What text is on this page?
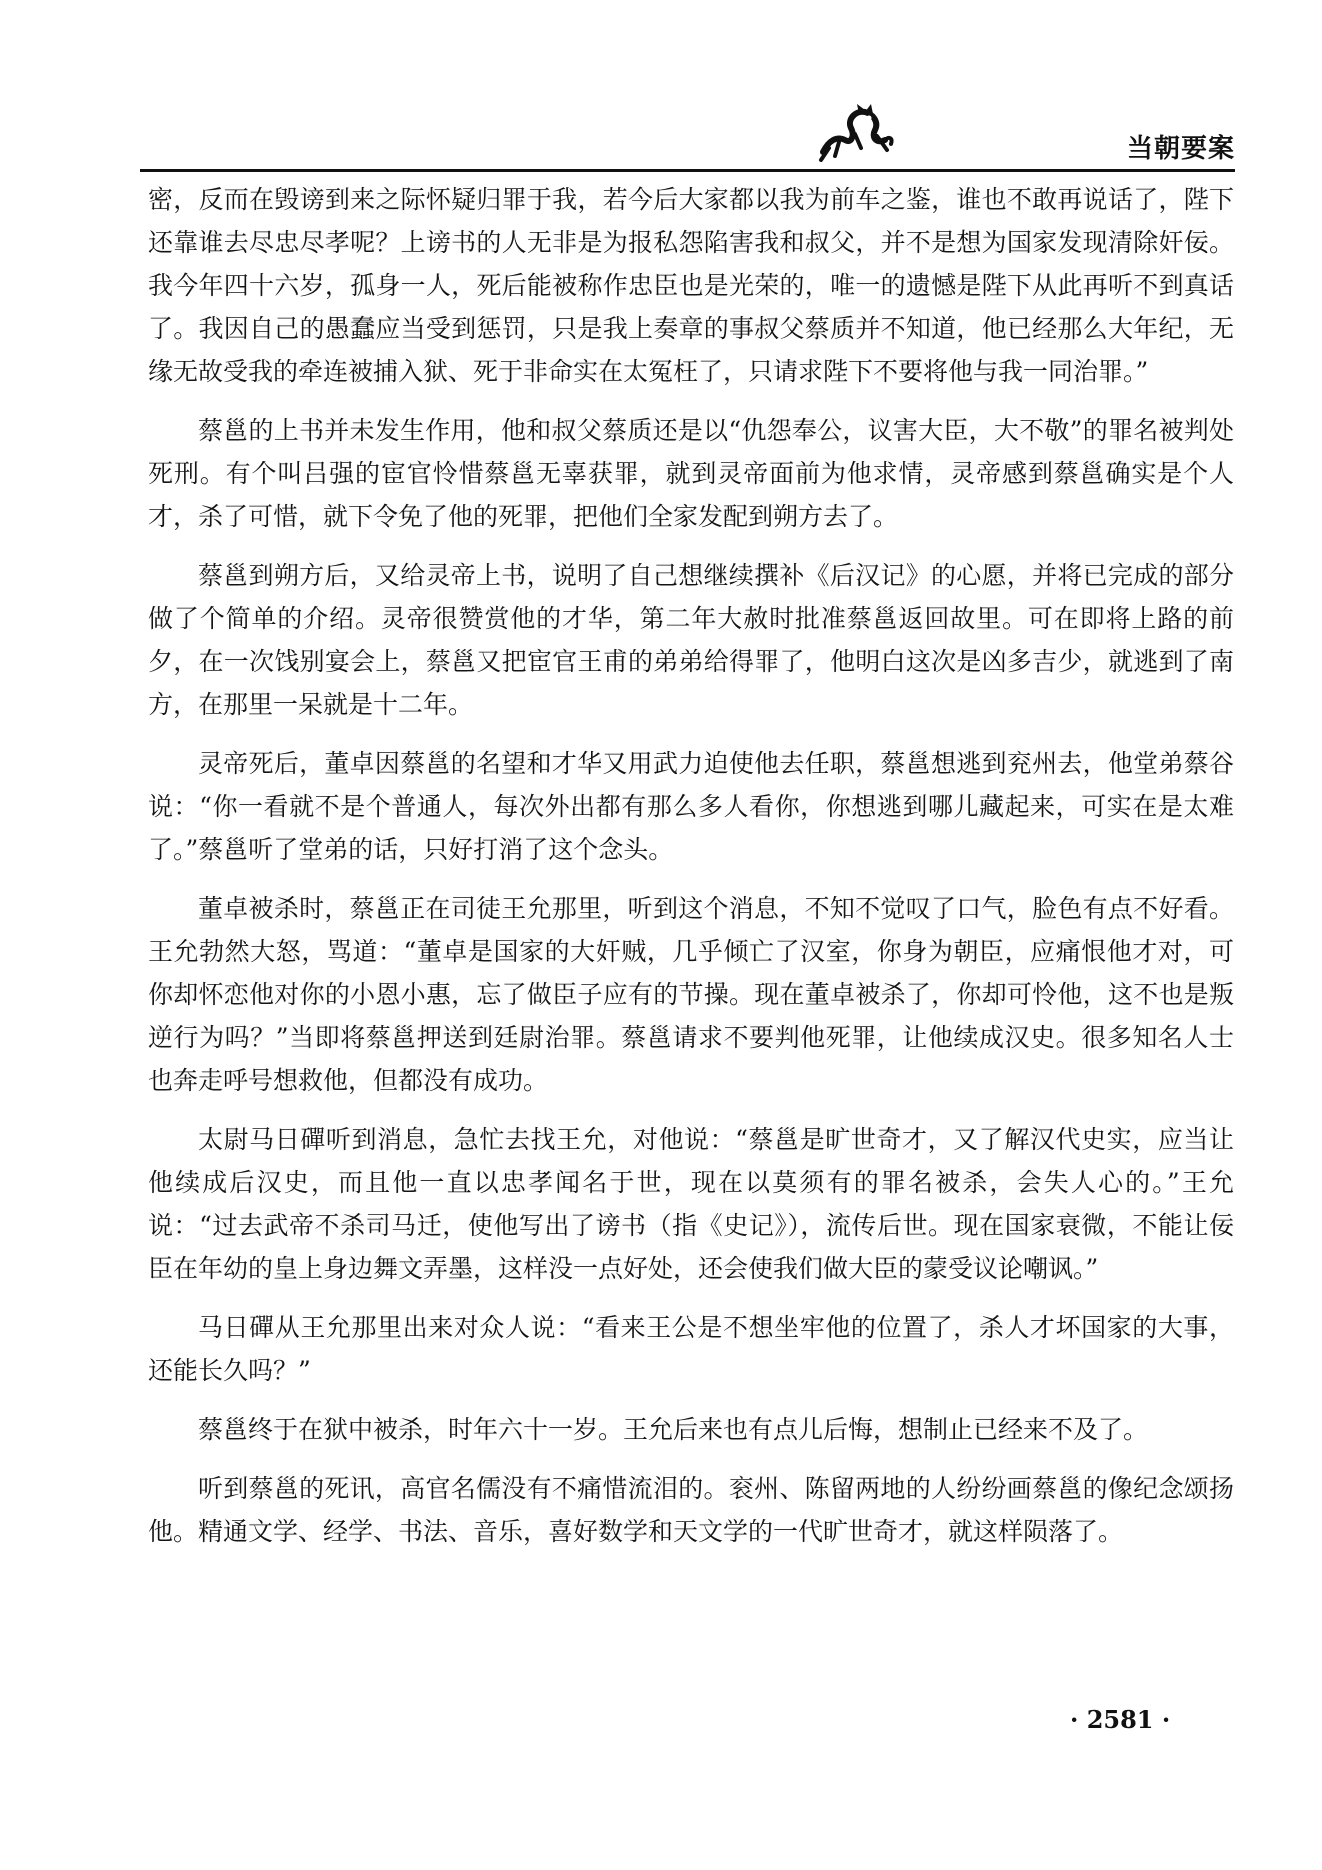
当朝要案

密，反而在毁谤到来之际怀疑归罪于我，若今后大家都以我为前车之鉴，谁也不敢再说话了，陛下还靠谁去尽忠尽孝呢？上谤书的人无非是为报私怨陷害我和叔父，并不是想为国家发现清除奸佞。我今年四十六岁，孤身一人，死后能被称作忠臣也是光荣的，唯一的遗憾是陛下从此再听不到真话了。我因自己的愚蠢应当受到惩罚，只是我上奏章的事叔父蔡质并不知道，他已经那么大年纪，无缘无故受我的牵连被捕入狱、死于非命实在太冤枉了，只请求陛下不要将他与我一同治罪。”

蔡邕的上书并未发生作用，他和叔父蔡质还是以“仇怨奉公，议害大臣，大不敬”的罪名被判处死刑。有个叫吕强的宦官怜惜蔡邕无辜获罪，就到灵帝面前为他求情，灵帝感到蔡邕确实是个人才，杀了可惜，就下令免了他的死罪，把他们全家发配到朔方去了。

蔡邕到朔方后，又给灵帝上书，说明了自己想继续撰补《后汉记》的心愿，并将已完成的部分做了个简单的介绍。灵帝很赞赏他的才华，第二年大赦时批准蔡邕返回故里。可在即将上路的前夕，在一次饯别宴会上，蔡邕又把宦官王甫的弟弟给得罪了，他明白这次是凶多吉少，就逃到了南方，在那里一呆就是十二年。

灵帝死后，董卓因蔡邕的名望和才华又用武力迫使他去任职，蔡邕想逃到兖州去，他堂弟蔡谷说：“你一看就不是个普通人，每次外出都有那么多人看你，你想逃到哪儿藏起来，可实在是太难了。”蔡邕听了堂弟的话，只好打消了这个念头。

董卓被杀时，蔡邕正在司徒王允那里，听到这个消息，不知不觉叹了口气，脸色有点不好看。王允勃然大怒，骂道：“董卓是国家的大奸贼，几乎倾亡了汉室，你身为朝臣，应痛恨他才对，可你却怀恋他对你的小恩小惠，忘了做臣子应有的节操。现在董卓被杀了，你却可怜他，这不也是叛逆行为吗？”当即将蔡邕押送到廷尉治罪。蔡邕请求不要判他死罪，让他续成汉史。很多知名人士也奔走呼号想救他，但都没有成功。

太尉马日磾听到消息，急忙去找王允，对他说：“蔡邕是旷世奇才，又了解汉代史实，应当让他续成后汉史，而且他一直以忠孝闻名于世，现在以莫须有的罪名被杀，会失人心的。”王允说：“过去武帝不杀司马迁，使他写出了谤书（指《史记》），流传后世。现在国家衰微，不能让佞臣在年幼的皇上身边舞文弄墨，这样没一点好处，还会使我们做大臣的蒙受议论嘲讽。”

马日磾从王允那里出来对众人说：“看来王公是不想坐牢他的位置了，杀人才坏国家的大事，还能长久吗？”

蔡邕终于在狱中被杀，时年六十一岁。王允后来也有点儿后悔，想制止已经来不及了。

听到蔡邕的死讯，高官名儒没有不痛惜流泪的。衮州、陈留两地的人纷纷画蔡邕的像纪念颂扬他。精通文学、经学、书法、音乐，喜好数学和天文学的一代旷世奇才，就这样陨落了。

· 2581 ·
